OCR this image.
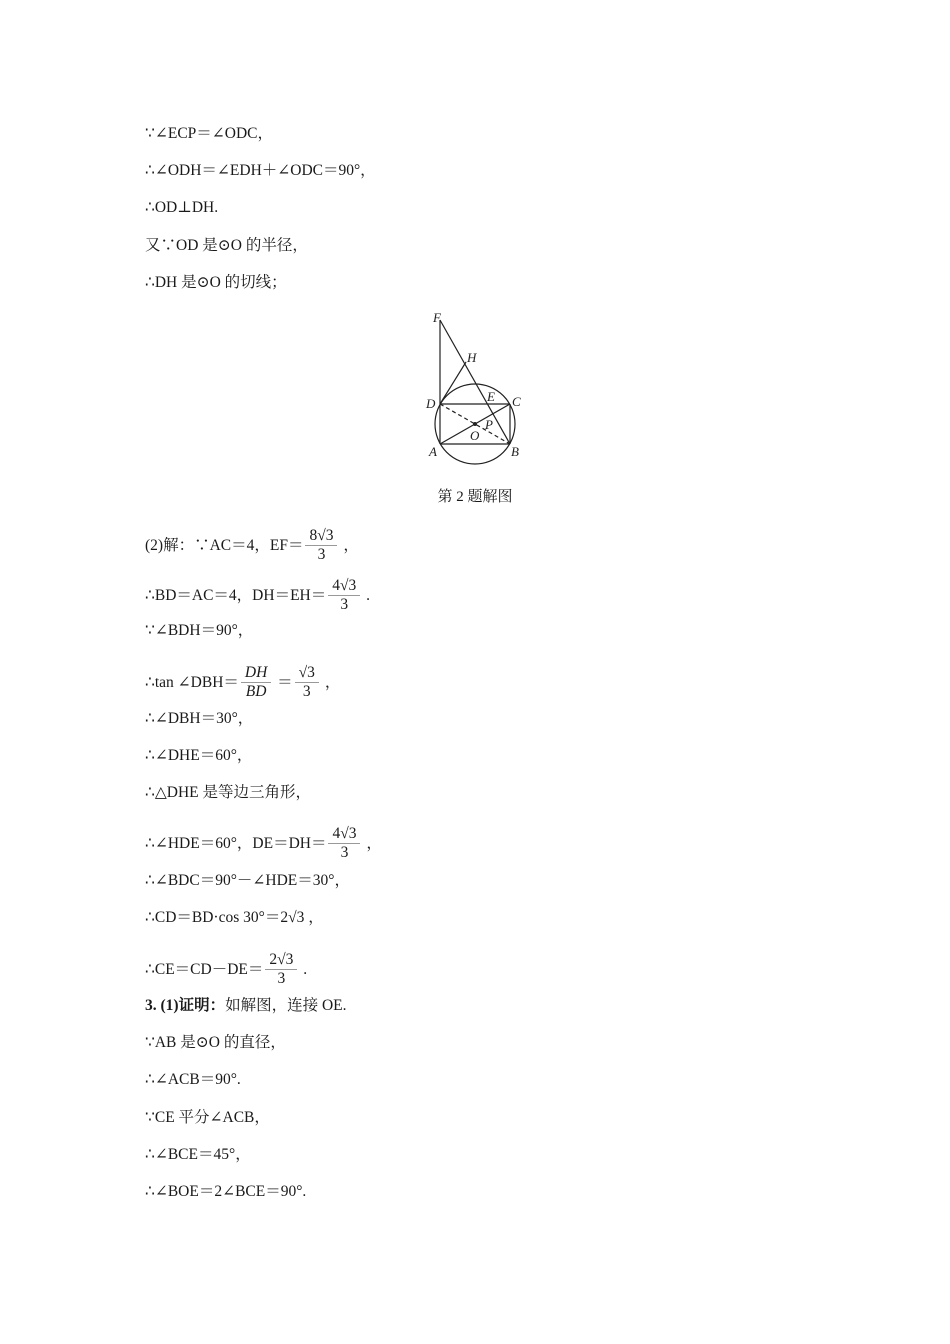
∵∠ECP＝∠ODC，
∴∠ODH＝∠EDH＋∠ODC＝90°，
∴OD⊥DH.
又∵OD 是⊙O 的半径，
∴DH 是⊙O 的切线；
F
H
D	E C
P
O
A	B
第 2 题解图
(2)解：∵AC＝4，$EF= \frac{8√3}{3}$ ，
∴BD＝AC＝4，$DH=EH= \frac{4√3}{3}$ .
∵∠BDH＝90°，
∴tan ∠DBH＝ $\frac{DH}{BD} = \frac{√3}{3}$ ，
∴∠DBH＝30°，
∴∠DHE＝60°，
∴△DHE 是等边三角形，
∴∠HDE＝60°，$DE=DH= \frac{4√3}{3}$ ，
∴∠BDC＝90°－∠HDE＝30°，
∴CD＝BD·cos 30°＝2√3 ，
∴CE＝CD－DE＝ $\frac{2√3}{3}$ .
3. (1)证明：如解图，连接 OE.
∵AB 是⊙O 的直径，
∴∠ACB＝90°.
∵CE 平分∠ACB，
∴∠BCE＝45°，
∴∠BOE＝2∠BCE＝90°.
